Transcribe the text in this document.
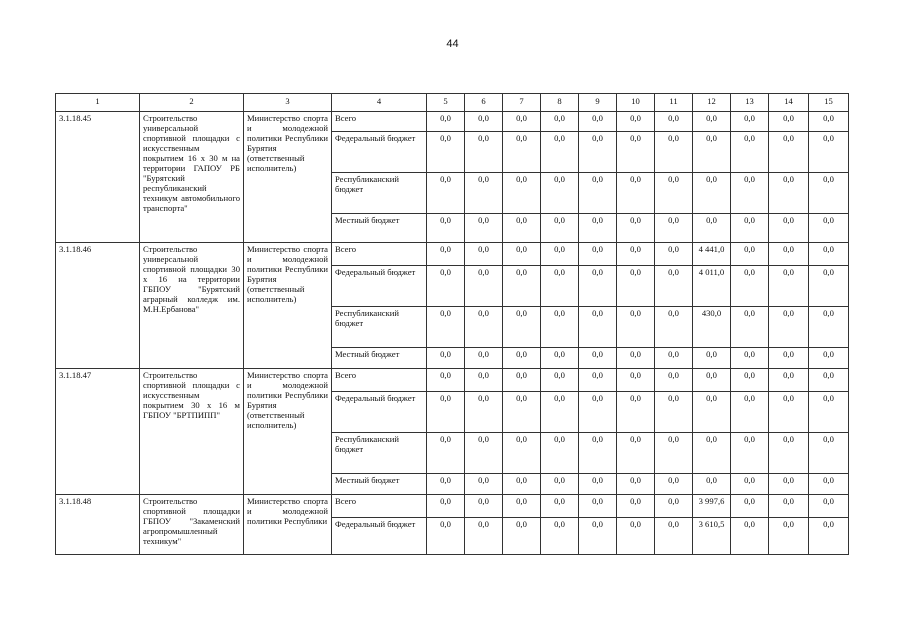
44
1	2	3	4	5	6	7	8	9	10	11	12	13	14	15
3.1.18.45	Строительство универсальной спортивной площадки с искусственным покрытием 16 х 30 м на территории ГАПОУ РБ "Бурятский республиканский техникум автомобильного транспорта"	Министерство спорта и молодежной политики Республики Бурятия (ответственный исполнитель)	Всего	0,0	0,0	0,0	0,0	0,0	0,0	0,0	0,0	0,0	0,0	0,0
			Федеральный бюджет	0,0	0,0	0,0	0,0	0,0	0,0	0,0	0,0	0,0	0,0	0,0
			Республиканский бюджет	0,0	0,0	0,0	0,0	0,0	0,0	0,0	0,0	0,0	0,0	0,0
			Местный бюджет	0,0	0,0	0,0	0,0	0,0	0,0	0,0	0,0	0,0	0,0	0,0
3.1.18.46	Строительство универсальной спортивной площадки 30 х 16 на территории ГБПОУ "Бурятский аграрный колледж им. М.Н.Ербанова"	Министерство спорта и молодежной политики Республики Бурятия (ответственный исполнитель)	Всего	0,0	0,0	0,0	0,0	0,0	0,0	0,0	4 441,0	0,0	0,0	0,0
			Федеральный бюджет	0,0	0,0	0,0	0,0	0,0	0,0	0,0	4 011,0	0,0	0,0	0,0
			Республиканский бюджет	0,0	0,0	0,0	0,0	0,0	0,0	0,0	430,0	0,0	0,0	0,0
			Местный бюджет	0,0	0,0	0,0	0,0	0,0	0,0	0,0	0,0	0,0	0,0	0,0
3.1.18.47	Строительство спортивной площадки с искусственным покрытием 30 х 16 м ГБПОУ "БРТПИПП"	Министерство спорта и молодежной политики Республики Бурятия (ответственный исполнитель)	Всего	0,0	0,0	0,0	0,0	0,0	0,0	0,0	0,0	0,0	0,0	0,0
			Федеральный бюджет	0,0	0,0	0,0	0,0	0,0	0,0	0,0	0,0	0,0	0,0	0,0
			Республиканский бюджет	0,0	0,0	0,0	0,0	0,0	0,0	0,0	0,0	0,0	0,0	0,0
			Местный бюджет	0,0	0,0	0,0	0,0	0,0	0,0	0,0	0,0	0,0	0,0	0,0
3.1.18.48	Строительство спортивной площадки ГБПОУ "Закаменский агропромышленный техникум"	Министерство спорта и молодежной политики Республики	Всего	0,0	0,0	0,0	0,0	0,0	0,0	0,0	3 997,6	0,0	0,0	0,0
			Федеральный бюджет	0,0	0,0	0,0	0,0	0,0	0,0	0,0	3 610,5	0,0	0,0	0,0
